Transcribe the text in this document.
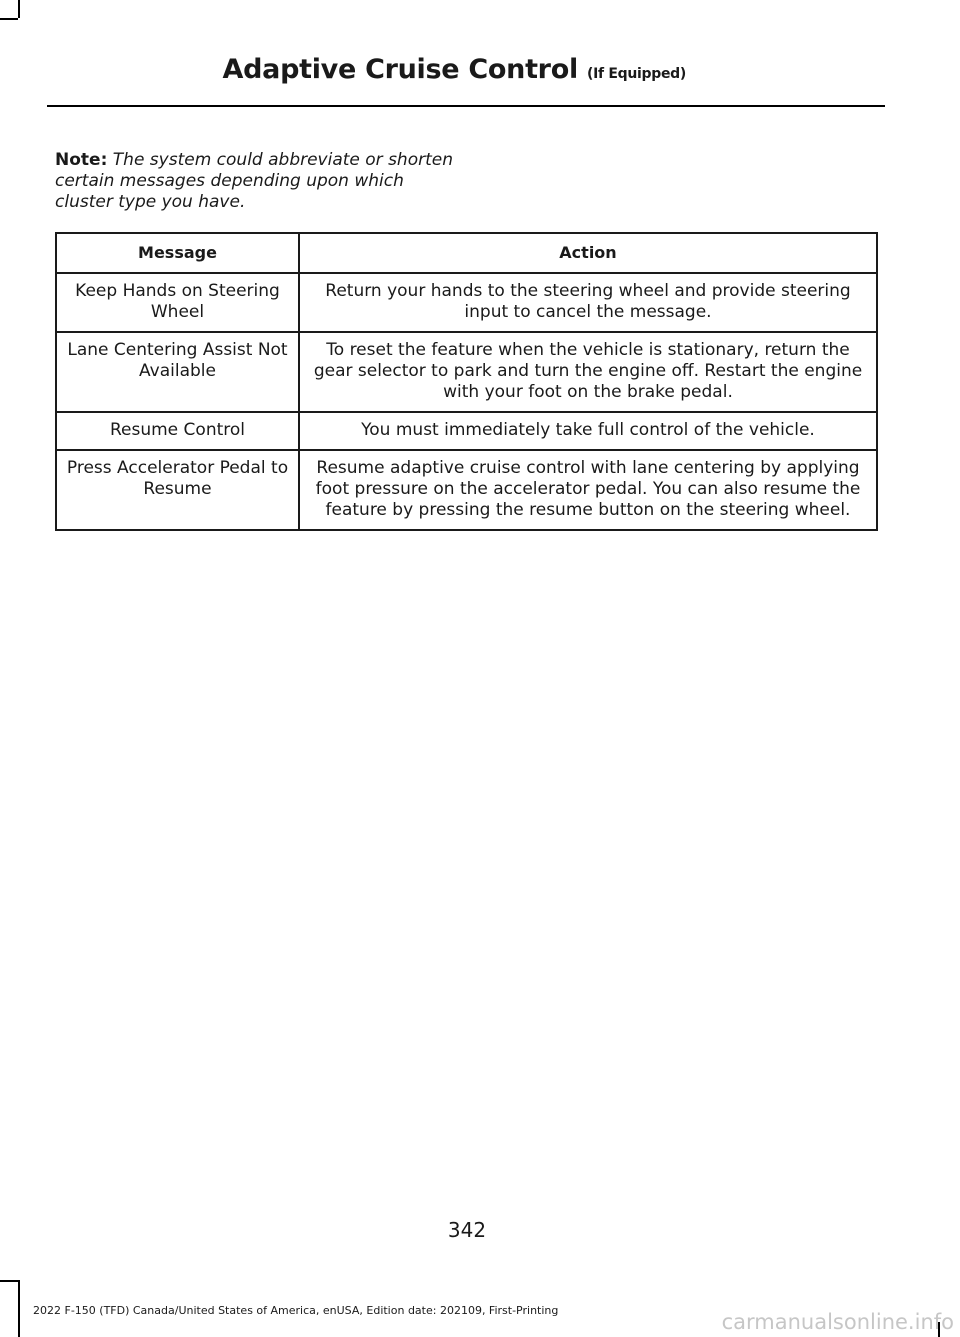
Adaptive Cruise Control (If Equipped)
Note: The system could abbreviate or shorten certain messages depending upon which cluster type you have.
Message	Action
Keep Hands on Steering Wheel	Return your hands to the steering wheel and provide steering input to cancel the message.
Lane Centering Assist Not Available	To reset the feature when the vehicle is stationary, return the gear selector to park and turn the engine off. Restart the engine with your foot on the brake pedal.
Resume Control	You must immediately take full control of the vehicle.
Press Accelerator Pedal to Resume	Resume adaptive cruise control with lane centering by applying foot pressure on the accelerator pedal. You can also resume the feature by pressing the resume button on the steering wheel.
342
2022 F-150 (TFD) Canada/United States of America, enUSA, Edition date: 202109, First-Printing	carmanualsonline.info
